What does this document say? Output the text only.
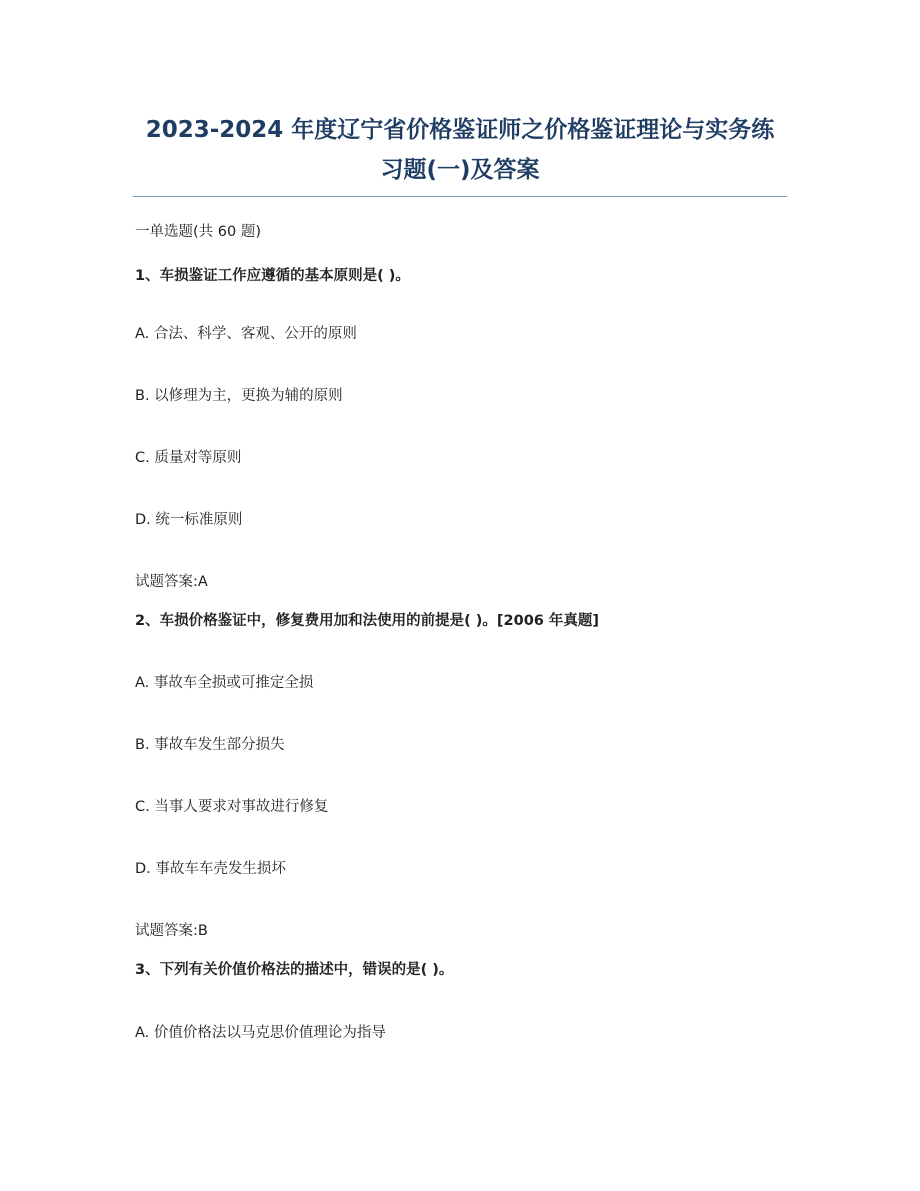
2023-2024 年度辽宁省价格鉴证师之价格鉴证理论与实务练
习题(一)及答案
一单选题(共 60 题)
1、车损鉴证工作应遵循的基本原则是( )。
A. 合法、科学、客观、公开的原则
B. 以修理为主，更换为辅的原则
C. 质量对等原则
D. 统一标准原则
试题答案:A
2、车损价格鉴证中，修复费用加和法使用的前提是( )。[2006 年真题]
A. 事故车全损或可推定全损
B. 事故车发生部分损失
C. 当事人要求对事故进行修复
D. 事故车车壳发生损坏
试题答案:B
3、下列有关价值价格法的描述中，错误的是( )。
A. 价值价格法以马克思价值理论为指导
